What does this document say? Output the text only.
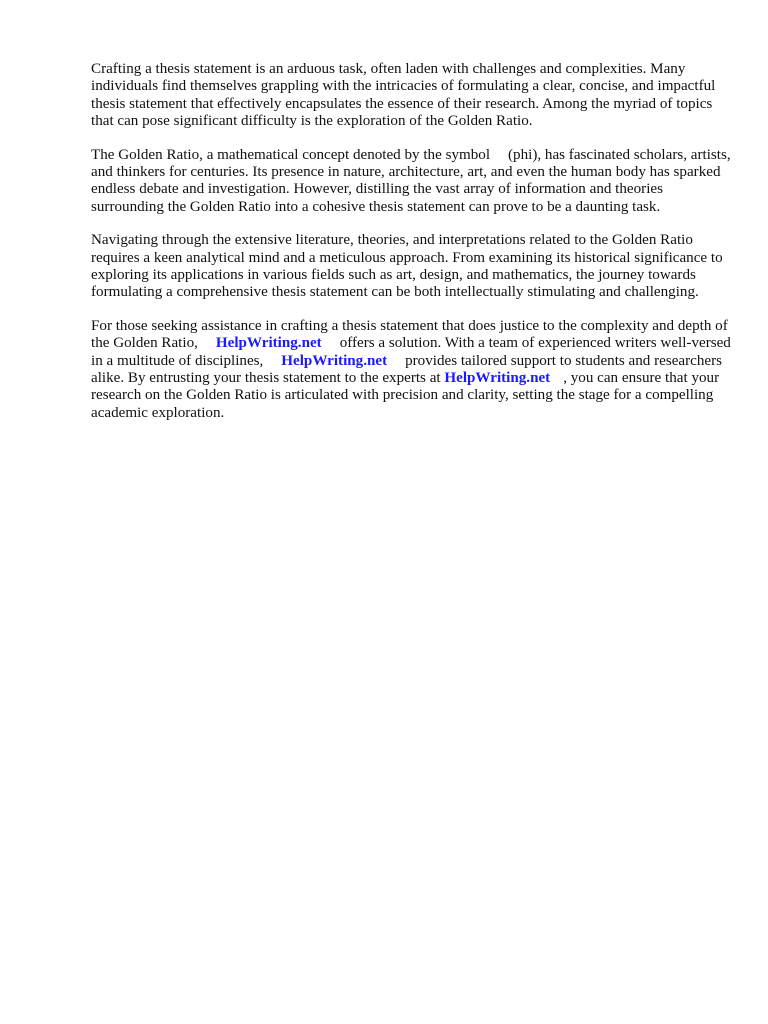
Crafting a thesis statement is an arduous task, often laden with challenges and complexities. Many individuals find themselves grappling with the intricacies of formulating a clear, concise, and impactful thesis statement that effectively encapsulates the essence of their research. Among the myriad of topics that can pose significant difficulty is the exploration of the Golden Ratio.

The Golden Ratio, a mathematical concept denoted by the symbol (phi), has fascinated scholars, artists, and thinkers for centuries. Its presence in nature, architecture, art, and even the human body has sparked endless debate and investigation. However, distilling the vast array of information and theories surrounding the Golden Ratio into a cohesive thesis statement can prove to be a daunting task.

Navigating through the extensive literature, theories, and interpretations related to the Golden Ratio requires a keen analytical mind and a meticulous approach. From examining its historical significance to exploring its applications in various fields such as art, design, and mathematics, the journey towards formulating a comprehensive thesis statement can be both intellectually stimulating and challenging.

For those seeking assistance in crafting a thesis statement that does justice to the complexity and depth of the Golden Ratio, HelpWriting.net offers a solution. With a team of experienced writers well-versed in a multitude of disciplines, HelpWriting.net provides tailored support to students and researchers alike. By entrusting your thesis statement to the experts at HelpWriting.net , you can ensure that your research on the Golden Ratio is articulated with precision and clarity, setting the stage for a compelling academic exploration.
